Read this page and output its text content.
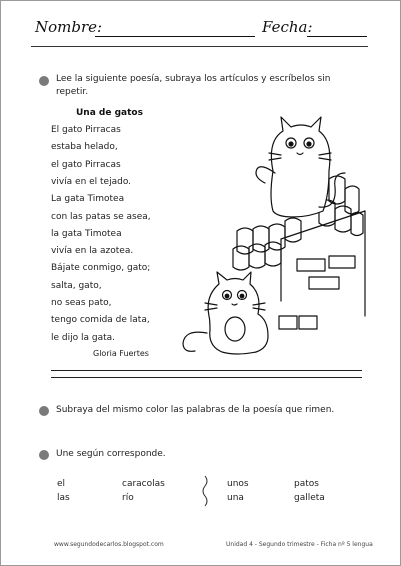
Nombre:	Fecha:
Lee la siguiente poesía, subraya los artículos y escríbelos sin repetir.
Una de gatos
El gato Pirracas
estaba helado,
el gato Pirracas
vivía en el tejado.
La gata Timotea
con las patas se asea,
la gata Timotea
vivía en la azotea.
Bájate conmigo, gato;
salta, gato,
no seas pato,
tengo comida de lata,
le dijo la gata.
Gloria Fuertes
Subraya del mismo color las palabras de la poesía que rimen.
Une según corresponde.
el
las
caracolas
río
unos
una
patos
galleta
www.segundodecarlos.blogspot.com	Unidad 4 - Segundo trimestre - Ficha nº 5 lengua
